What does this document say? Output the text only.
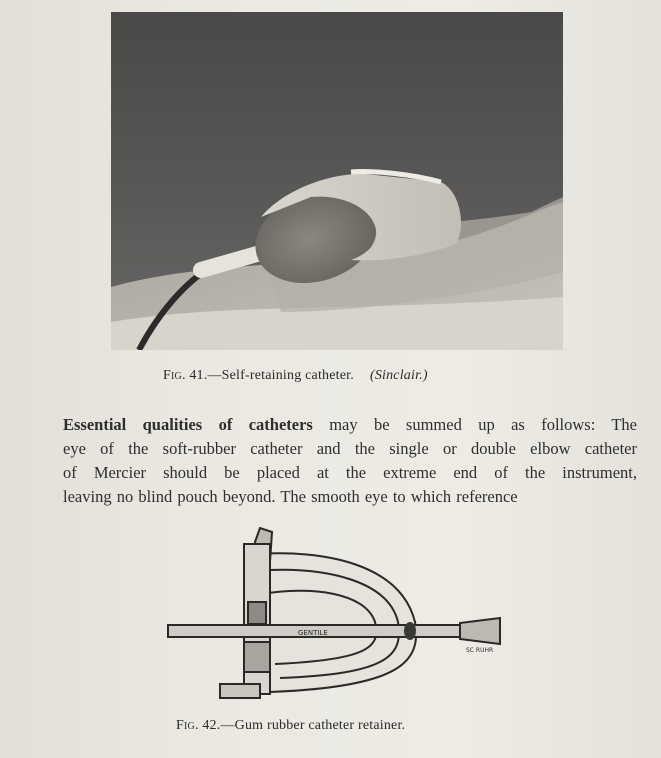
Fig. 41.—Self-retaining catheter. (Sinclair.)
Essential qualities of catheters may be summed up as follows: The
eye of the soft-rubber catheter and the single or double elbow catheter
of Mercier should be placed at the extreme end of the instrument,
leaving no blind pouch beyond. The smooth eye to which reference
GENTILE
SC RUHR
Fig. 42.—Gum rubber catheter retainer.
